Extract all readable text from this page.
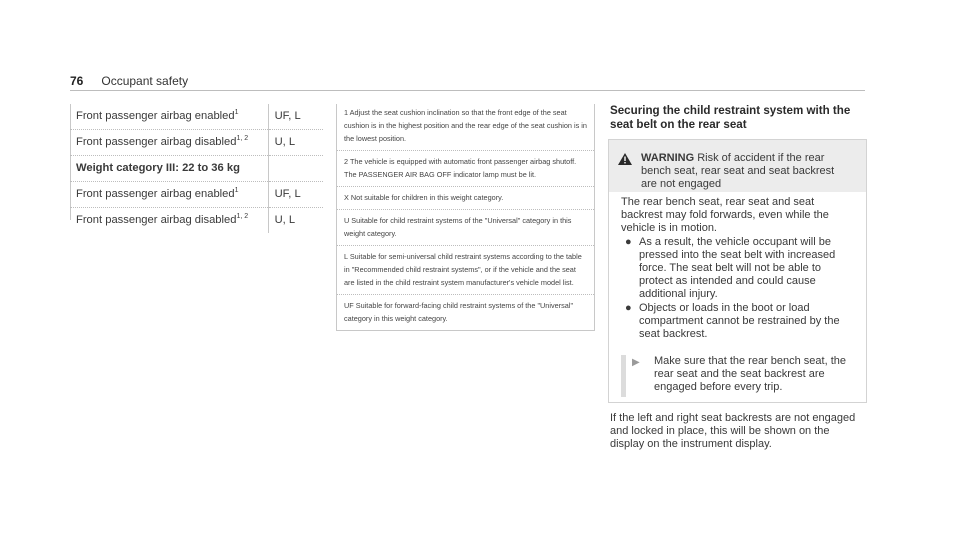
76 Occupant safety
Front passenger airbag enabled$^1$	UF, L
Front passenger airbag disabled$^{1, 2}$	U, L
Weight category III: 22 to 36 kg	
Front passenger airbag enabled$^1$	UF, L
Front passenger airbag disabled$^{1, 2}$	U, L
1 Adjust the seat cushion inclination so that the front edge of the seat cushion is in the highest position and the rear edge of the seat cushion is in the lowest position.
2 The vehicle is equipped with automatic front passenger airbag shutoff. The PASSENGER AIR BAG OFF indicator lamp must be lit.
X Not suitable for children in this weight category.
U Suitable for child restraint systems of the "Universal" category in this weight category.
L Suitable for semi-universal child restraint systems according to the table in "Recommended child restraint systems", or if the vehicle and the seat are listed in the child restraint system manufacturer's vehicle model list.
UF Suitable for forward-facing child restraint systems of the "Universal" category in this weight category.
Securing the child restraint system with the seat belt on the rear seat
WARNING Risk of accident if the rear bench seat, rear seat and seat backrest are not engaged

The rear bench seat, rear seat and seat backrest may fold forwards, even while the vehicle is in motion.

● As a result, the vehicle occupant will be pressed into the seat belt with increased force. The seat belt will not be able to protect as intended and could cause additional injury.
● Objects or loads in the boot or load compartment cannot be restrained by the seat backrest.
▶	Make sure that the rear bench seat, the rear seat and the seat backrest are engaged before every trip.
If the left and right seat backrests are not engaged and locked in place, this will be shown on the display on the instrument display.
